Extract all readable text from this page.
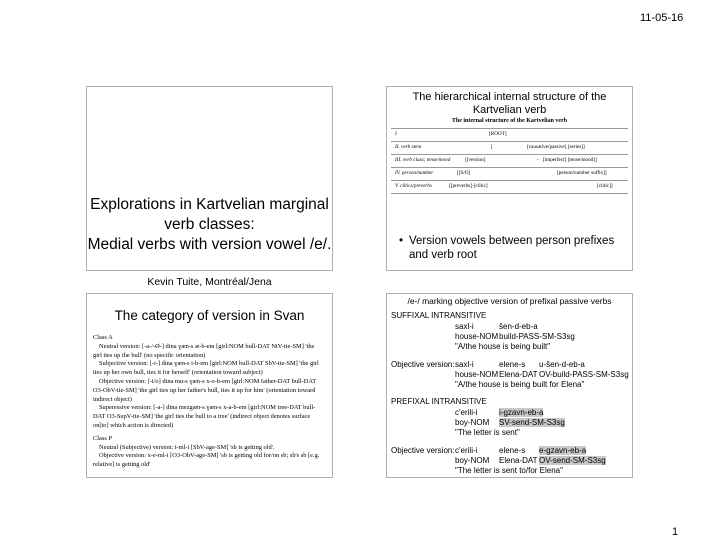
11-05-16
Explorations in Kartvelian marginal
verb classes:
Medial verbs with version vowel /e/.
Kevin Tuite, Montréal/Jena
The hierarchical internal structure of the
Kartvelian verb
The internal structure of the Kartvelian verb
I	[ROOT]
II. verb stem	[	[causative/passive] [series]]
III. verb class; tense/mood	[[version]	- [imperfect] [tense/mood]]
IV. person/number	[[S/O]	[person/number suffix]]
V. clitics/preverbs	[[preverbs]-[clitic]	[clitic]]
• Version vowels between person prefixes and verb root
The category of version in Svan

Class A

Neutral version: [-a-/-Ø-] dina ɣæn-s æ-b-em [girl:NOM bull-DAT NtV-tie-SM] 'the girl ties up the bull' (no specific orientation)

Subjective version: [-i-] dina ɣæn-s i-b-em [girl:NOM bull-DAT SbV-tie-SM] 'the girl ties up her own bull, ties it for herself' (orientation toward subject)

Objective version: [-i/o] dina mu-s ɣæn-s x-o-b-em [girl:NOM father-DAT bull-DAT O3-ObV-tie-SM] 'the girl ties up her father's bull, ties it up for him' (orientation toward indirect object)

Superessive version: [-a-] dina mezgæn-s ɣæn-s x-a-b-em [girl:NOM tree-DAT bull-DAT O3-SupV-tie-SM] 'the girl ties the bull to a tree' (indirect object denotes surface on[to] which action is directed)

Class P

Neutral (Subjective) version: i-ml-i [SbV-age-SM] 'sb is getting old'.

Objective version: x-e-ml-i [O3-ObV-age-SM] 'sb is getting old for/on sb; sb's sb [e.g. relative] is getting old'

/e-/ marking objective version of prefixal passive verbs
SUFFIXAL INTRANSITIVE
saxl-i	šen-d-eb-a
house-NOM build-PASS-SM-S3sg
"A/the house is being built"
Objective version: saxl-i	elene-s u-šen-d-eb-a
house-NOM Elena-DAT OV-build-PASS-SM-S3sg
"A/the house is being built for Elena"
PREFIXAL INTRANSITIVE
c'erili-i	i-gzavn-eb-a
boy-NOM SV-send-SM-S3sg
"The letter is sent"
Objective version: c'erili-i	elene-s e-gzavn-eb-a
boy-NOM Elena-DAT OV-send-SM-S3sg
"The letter is sent to/for Elena"
1
